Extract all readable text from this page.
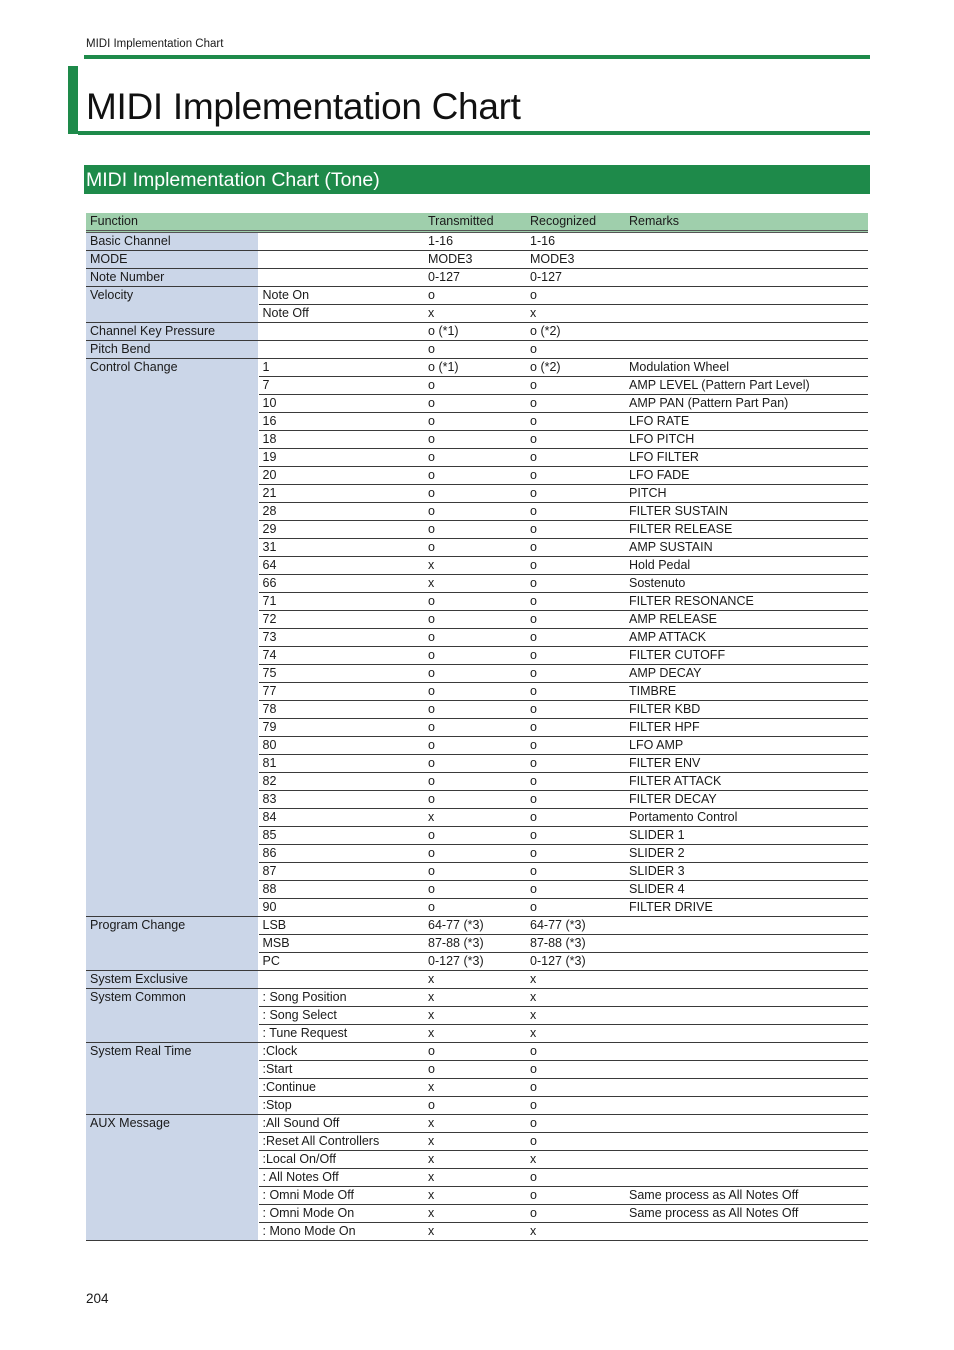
MIDI Implementation Chart
MIDI Implementation Chart
MIDI Implementation Chart (Tone)
Function		Transmitted	Recognized	Remarks
Basic Channel		1-16	1-16	
MODE		MODE3	MODE3	
Note Number		0-127	0-127	
Velocity	Note On	o	o	
	Note Off	x	x	
Channel Key Pressure		o (*1)	o (*2)	
Pitch Bend		o	o	
Control Change	1	o (*1)	o (*2)	Modulation Wheel
	7	o	o	AMP LEVEL (Pattern Part Level)
	10	o	o	AMP PAN (Pattern Part Pan)
	16	o	o	LFO RATE
	18	o	o	LFO PITCH
	19	o	o	LFO FILTER
	20	o	o	LFO FADE
	21	o	o	PITCH
	28	o	o	FILTER SUSTAIN
	29	o	o	FILTER RELEASE
	31	o	o	AMP SUSTAIN
	64	x	o	Hold Pedal
	66	x	o	Sostenuto
	71	o	o	FILTER RESONANCE
	72	o	o	AMP RELEASE
	73	o	o	AMP ATTACK
	74	o	o	FILTER CUTOFF
	75	o	o	AMP DECAY
	77	o	o	TIMBRE
	78	o	o	FILTER KBD
	79	o	o	FILTER HPF
	80	o	o	LFO AMP
	81	o	o	FILTER ENV
	82	o	o	FILTER ATTACK
	83	o	o	FILTER DECAY
	84	x	o	Portamento Control
	85	o	o	SLIDER 1
	86	o	o	SLIDER 2
	87	o	o	SLIDER 3
	88	o	o	SLIDER 4
	90	o	o	FILTER DRIVE
Program Change	LSB	64-77 (*3)	64-77 (*3)	
	MSB	87-88 (*3)	87-88 (*3)	
	PC	0-127 (*3)	0-127 (*3)	
System Exclusive		x	x	
System Common	: Song Position	x	x	
	: Song Select	x	x	
	: Tune Request	x	x	
System Real Time	:Clock	o	o	
	:Start	o	o	
	:Continue	x	o	
	:Stop	o	o	
AUX Message	:All Sound Off	x	o	
	:Reset All Controllers	x	o	
	:Local On/Off	x	x	
	: All Notes Off	x	o	
	: Omni Mode Off	x	o	Same process as All Notes Off
	: Omni Mode On	x	o	Same process as All Notes Off
	: Mono Mode On	x	x	
204
